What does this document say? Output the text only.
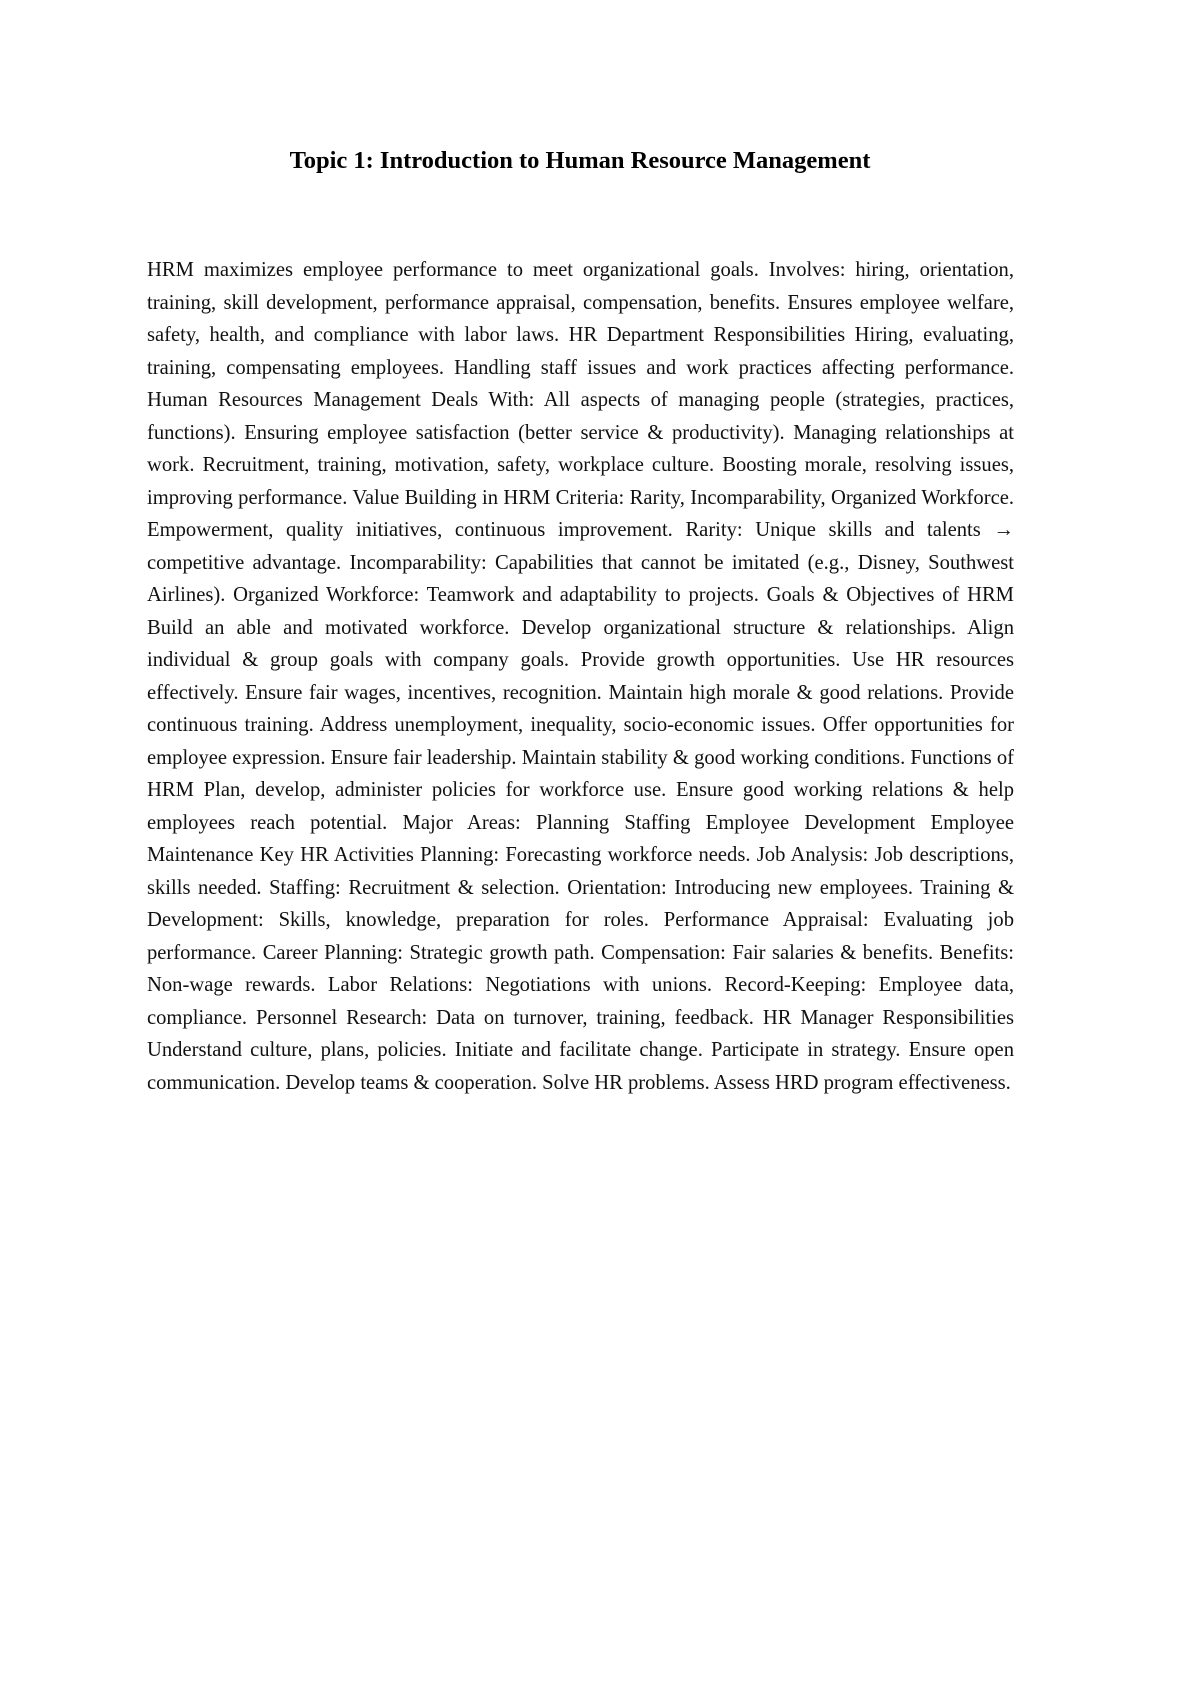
Topic 1: Introduction to Human Resource Management

HRM maximizes employee performance to meet organizational goals. Involves: hiring, orientation, training, skill development, performance appraisal, compensation, benefits. Ensures employee welfare, safety, health, and compliance with labor laws. HR Department Responsibilities Hiring, evaluating, training, compensating employees. Handling staff issues and work practices affecting performance. Human Resources Management Deals With: All aspects of managing people (strategies, practices, functions). Ensuring employee satisfaction (better service & productivity). Managing relationships at work. Recruitment, training, motivation, safety, workplace culture. Boosting morale, resolving issues, improving performance. Value Building in HRM Criteria: Rarity, Incomparability, Organized Workforce. Empowerment, quality initiatives, continuous improvement. Rarity: Unique skills and talents → competitive advantage. Incomparability: Capabilities that cannot be imitated (e.g., Disney, Southwest Airlines). Organized Workforce: Teamwork and adaptability to projects. Goals & Objectives of HRM Build an able and motivated workforce. Develop organizational structure & relationships. Align individual & group goals with company goals. Provide growth opportunities. Use HR resources effectively. Ensure fair wages, incentives, recognition. Maintain high morale & good relations. Provide continuous training. Address unemployment, inequality, socio-economic issues. Offer opportunities for employee expression. Ensure fair leadership. Maintain stability & good working conditions. Functions of HRM Plan, develop, administer policies for workforce use. Ensure good working relations & help employees reach potential. Major Areas: Planning Staffing Employee Development Employee Maintenance Key HR Activities Planning: Forecasting workforce needs. Job Analysis: Job descriptions, skills needed. Staffing: Recruitment & selection. Orientation: Introducing new employees. Training & Development: Skills, knowledge, preparation for roles. Performance Appraisal: Evaluating job performance. Career Planning: Strategic growth path. Compensation: Fair salaries & benefits. Benefits: Non-wage rewards. Labor Relations: Negotiations with unions. Record-Keeping: Employee data, compliance. Personnel Research: Data on turnover, training, feedback. HR Manager Responsibilities Understand culture, plans, policies. Initiate and facilitate change. Participate in strategy. Ensure open communication. Develop teams & cooperation. Solve HR problems. Assess HRD program effectiveness.
